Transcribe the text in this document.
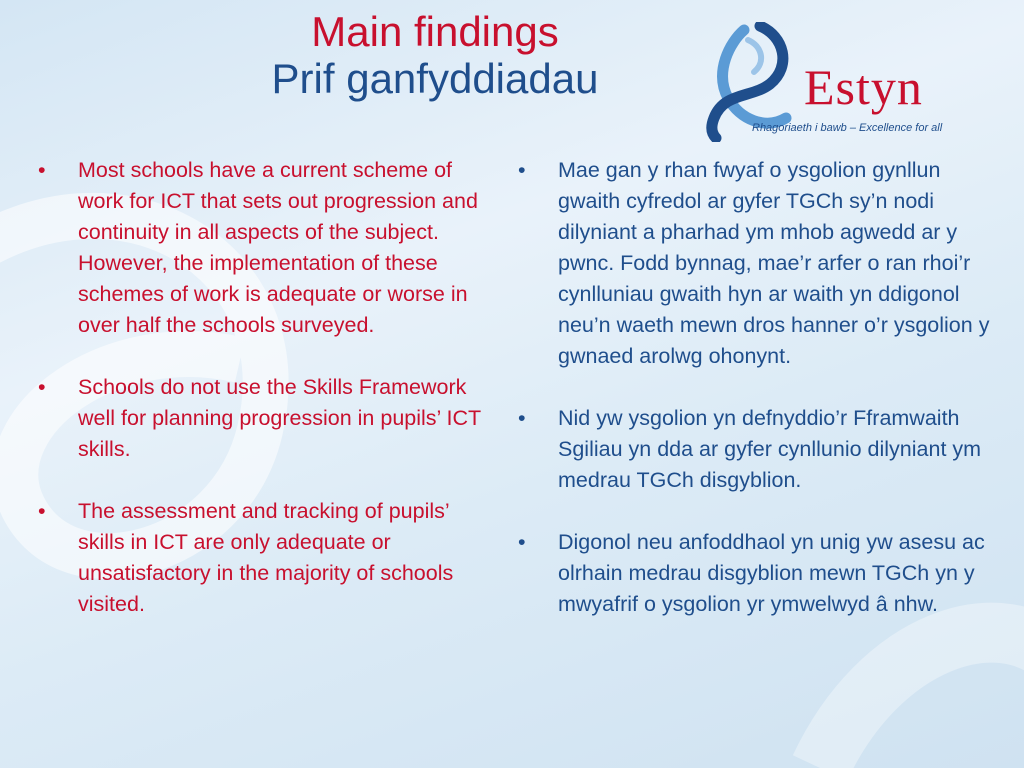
Main findings
Prif ganfyddiadau	Estyn
Rhagoriaeth i bawb – Excellence for all
• Most schools have a current scheme of work for ICT that sets out progression and continuity in all aspects of the subject. However, the implementation of these schemes of work is adequate or worse in over half the schools surveyed.
• Schools do not use the Skills Framework well for planning progression in pupils’ ICT skills.
• The assessment and tracking of pupils’ skills in ICT are only adequate or unsatisfactory in the majority of schools visited.
• Mae gan y rhan fwyaf o ysgolion gynllun gwaith cyfredol ar gyfer TGCh sy’n nodi dilyniant a pharhad ym mhob agwedd ar y pwnc. Fodd bynnag, mae’r arfer o ran rhoi’r cynlluniau gwaith hyn ar waith yn ddigonol neu’n waeth mewn dros hanner o’r ysgolion y gwnaed arolwg ohonynt.
• Nid yw ysgolion yn defnyddio’r Fframwaith Sgiliau yn dda ar gyfer cynllunio dilyniant ym medrau TGCh disgyblion.
• Digonol neu anfoddhaol yn unig yw asesu ac olrhain medrau disgyblion mewn TGCh yn y mwyafrif o ysgolion yr ymwelwyd â nhw.
